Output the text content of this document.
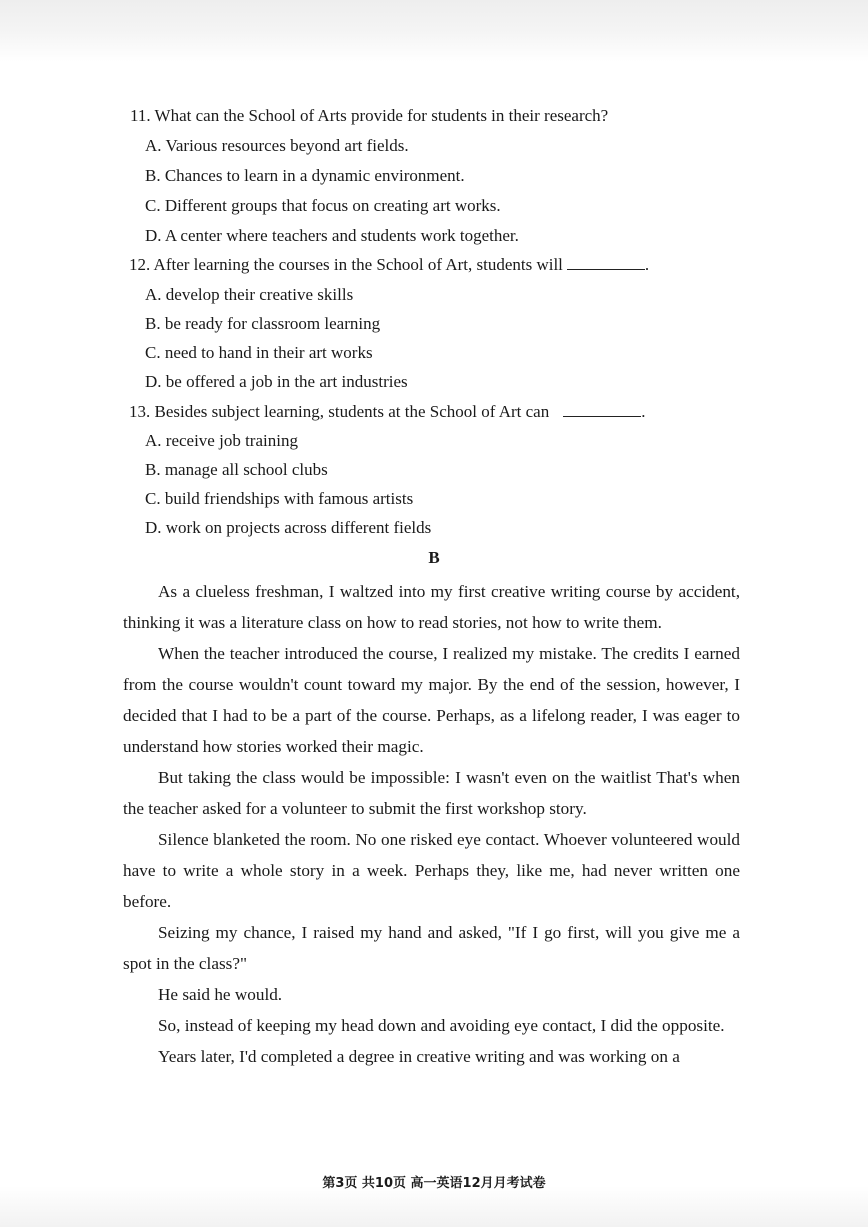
11. What can the School of Arts provide for students in their research?
A. Various resources beyond art fields.
B. Chances to learn in a dynamic environment.
C. Different groups that focus on creating art works.
D. A center where teachers and students work together.
12. After learning the courses in the School of Art, students will	.
A. develop their creative skills
B. be ready for classroom learning
C. need to hand in their art works
D. be offered a job in the art industries
13. Besides subject learning, students at the School of Art can	.
A. receive job training
B. manage all school clubs
C. build friendships with famous artists
D. work on projects across different fields
B

As a clueless freshman, I waltzed into my first creative writing course by accident, thinking it was a literature class on how to read stories, not how to write them.

When the teacher introduced the course, I realized my mistake. The credits I earned from the course wouldn't count toward my major. By the end of the session, however, I decided that I had to be a part of the course. Perhaps, as a lifelong reader, I was eager to understand how stories worked their magic.

But taking the class would be impossible: I wasn't even on the waitlist That's when the teacher asked for a volunteer to submit the first workshop story.

Silence blanketed the room. No one risked eye contact. Whoever volunteered would have to write a whole story in a week. Perhaps they, like me, had never written one before.

Seizing my chance, I raised my hand and asked, "If I go first, will you give me a spot in the class?"

He said he would.

So, instead of keeping my head down and avoiding eye contact, I did the opposite.

Years later, I'd completed a degree in creative writing and was working on a

第3页 共10页 高一英语12月月考试卷
